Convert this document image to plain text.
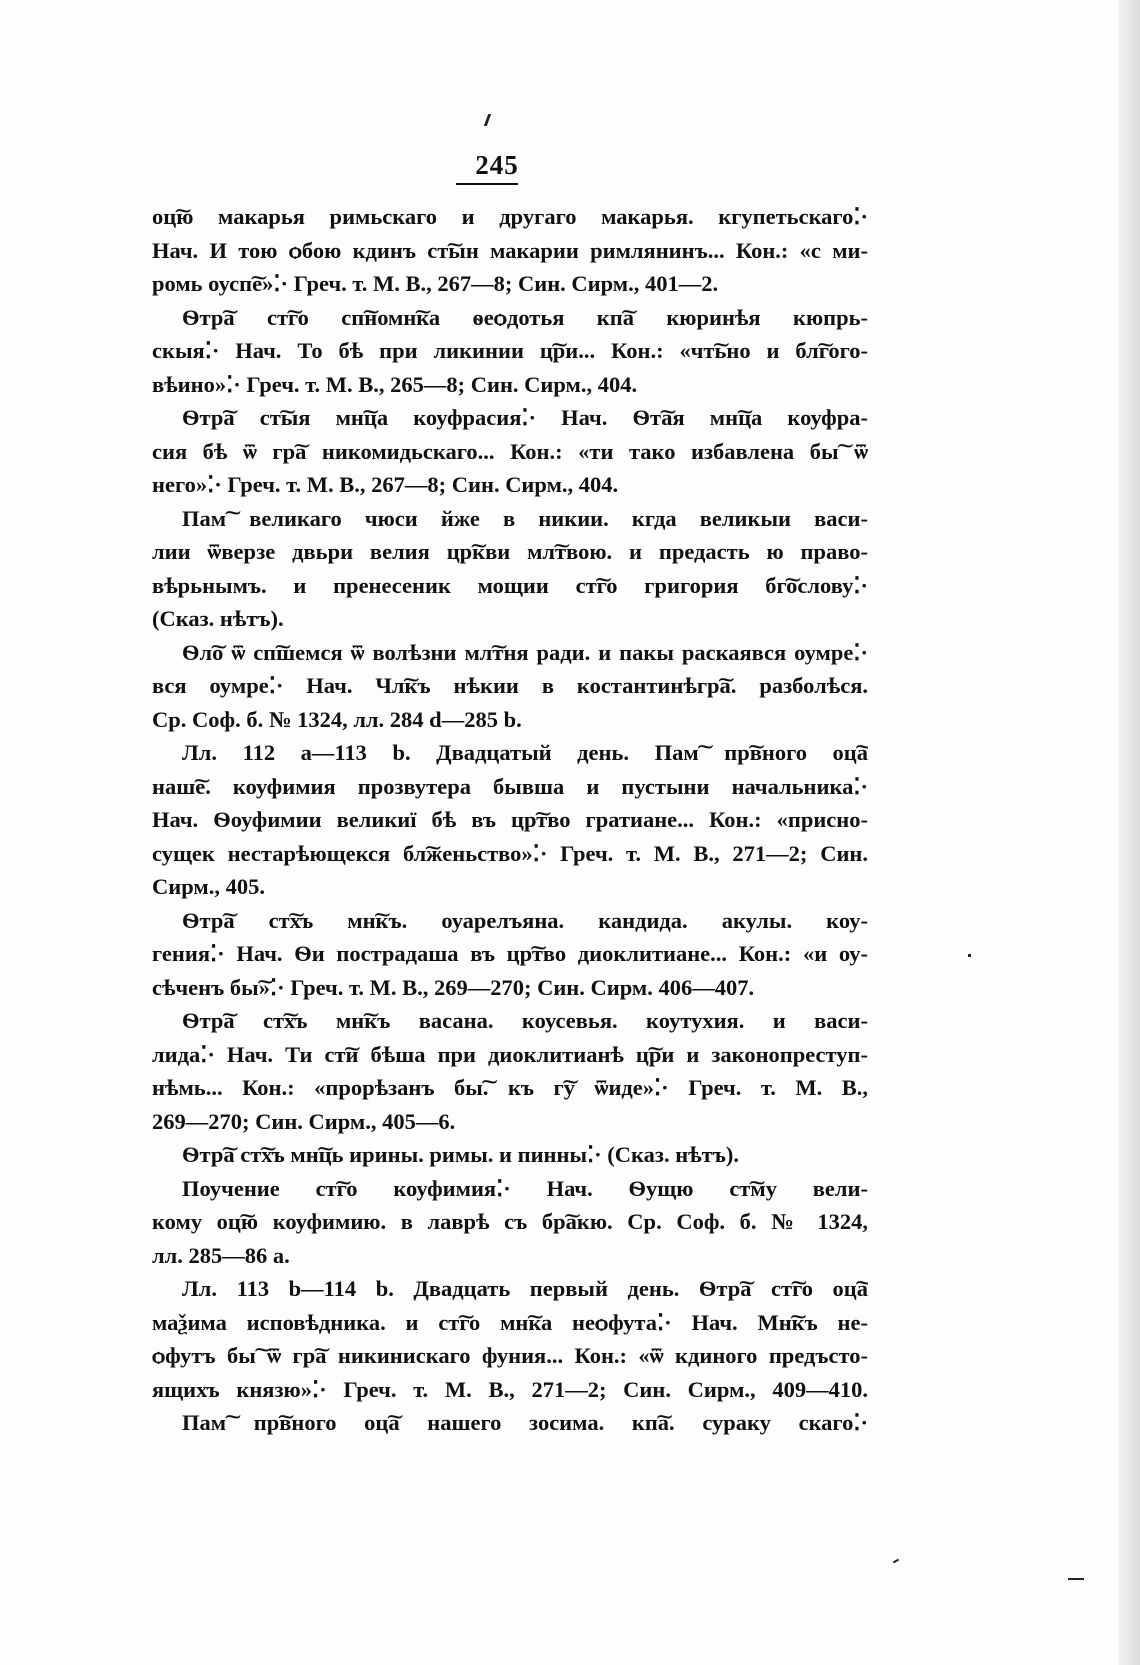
245
оц͠ю макарья римьскаго и другаго макарья. кгупетьскаго⁚·
Нач. И тою ѻбою кдинъ ст͠ын макарии римлянинъ... Кон.: «с ми-
ромь оусп͠е»⁚· Греч. т. М. В., 267—8; Син. Сирм., 401—2.
Ѳтр͠а ст͠го сп͠номн͠ка ѳеѻдотья кп͠а кюринѣя кюпрь-
скыя⁚· Нач. То бѣ при ликинии ц͠ри... Кон.: «чт͠ьно и бл͠гого-
вѣино»⁚· Греч. т. М. В., 265—8; Син. Сирм., 404.
Ѳтр͠а ст͠ыя мн͠ца коуфрасия⁚· Нач. Ѳт͠ая мн͠ца коуфра-
сия бѣ ѿ гр͠а никомидьскаго... Кон.: «ти тако избавлена бы͠ ѿ
него»⁚· Греч. т. М. В., 267—8; Син. Сирм., 404.
Пам͠ великаго чюси йже в никии. кгда великыи васи-
лии ѿверзе двьри велия цр͠кви мл͠твою. и предасть ю право-
вѣрьнымъ. и пренесеник мощии ст͠го григория бг͠ослову⁚·
(Сказ. нѣтъ).
Ѳл͠о ѿ сп͠шемся ѿ волѣзни мл͠тня ради. и пакы раскаявся оумре⁚·
вся оумре⁚· Нач. Чл͠къ нѣкии в костантинѣгр͠а. разболѣся.
Ср. Соф. б. № 1324, лл. 284 d—285 b.
Лл. 112 а—113 b. Двадцатый день. Пам͠ пр͠вного оц͠а
наш͠е. коуфимия прозвутера бывша и пустыни начальника⁚·
Нач. Ѳоуфимии великиї бѣ въ цр͠тво гратиане... Кон.: «присно-
сущек нестарѣющекся бл͠женьство»⁚· Греч. т. М. В., 271—2; Син.
Сирм., 405.
Ѳтр͠а ст͠хъ мн͠къ. оуарелъяна. кандида. акулы. коу-
гения⁚· Нач. Ѳи пострадаша въ цр͠тво диоклитиане... Кон.: «и оу-
сѣченъ бы͠»⁚· Греч. т. М. В., 269—270; Син. Сирм. 406—407.
Ѳтр͠а ст͠хъ мн͠къ васана. коусевья. коутухия. и васи-
лида⁚· Нач. Ти ст͠и бѣша при диоклитианѣ ц͠ри и законопреступ-
нѣмь... Кон.: «прорѣзанъ бы͠. къ г͠у ѿиде»⁚· Греч. т. М. В.,
269—270; Син. Сирм., 405—6.
Ѳтр͠а ст͠хъ мн͠ць ирины. римы. и пинны⁚· (Сказ. нѣтъ).
Поучение ст͠го коуфимия⁚· Нач. Ѳущю ст͠му вели-
кому оц͠ю коуфимию. в лаврѣ съ бр͠акю. Ср. Соф. б. № 1324,
лл. 285—86 а.
Лл. 113 b—114 b. Двадцать первый день. Ѳтр͠а ст͠го оц͠а
маѯима исповѣдника. и ст͠го мн͠ка неѻфута⁚· Нач. Мн͠къ не-
ѻфутъ бы͠ ѿ гр͠а никинискаго фуния... Кон.: «ѿ кдиного предъсто-
ящихъ князю»⁚· Греч. т. М. В., 271—2; Син. Сирм., 409—410.
Пам͠ пр͠вного оц͠а нашего зосима. кп͠а. сураку скаго⁚·
